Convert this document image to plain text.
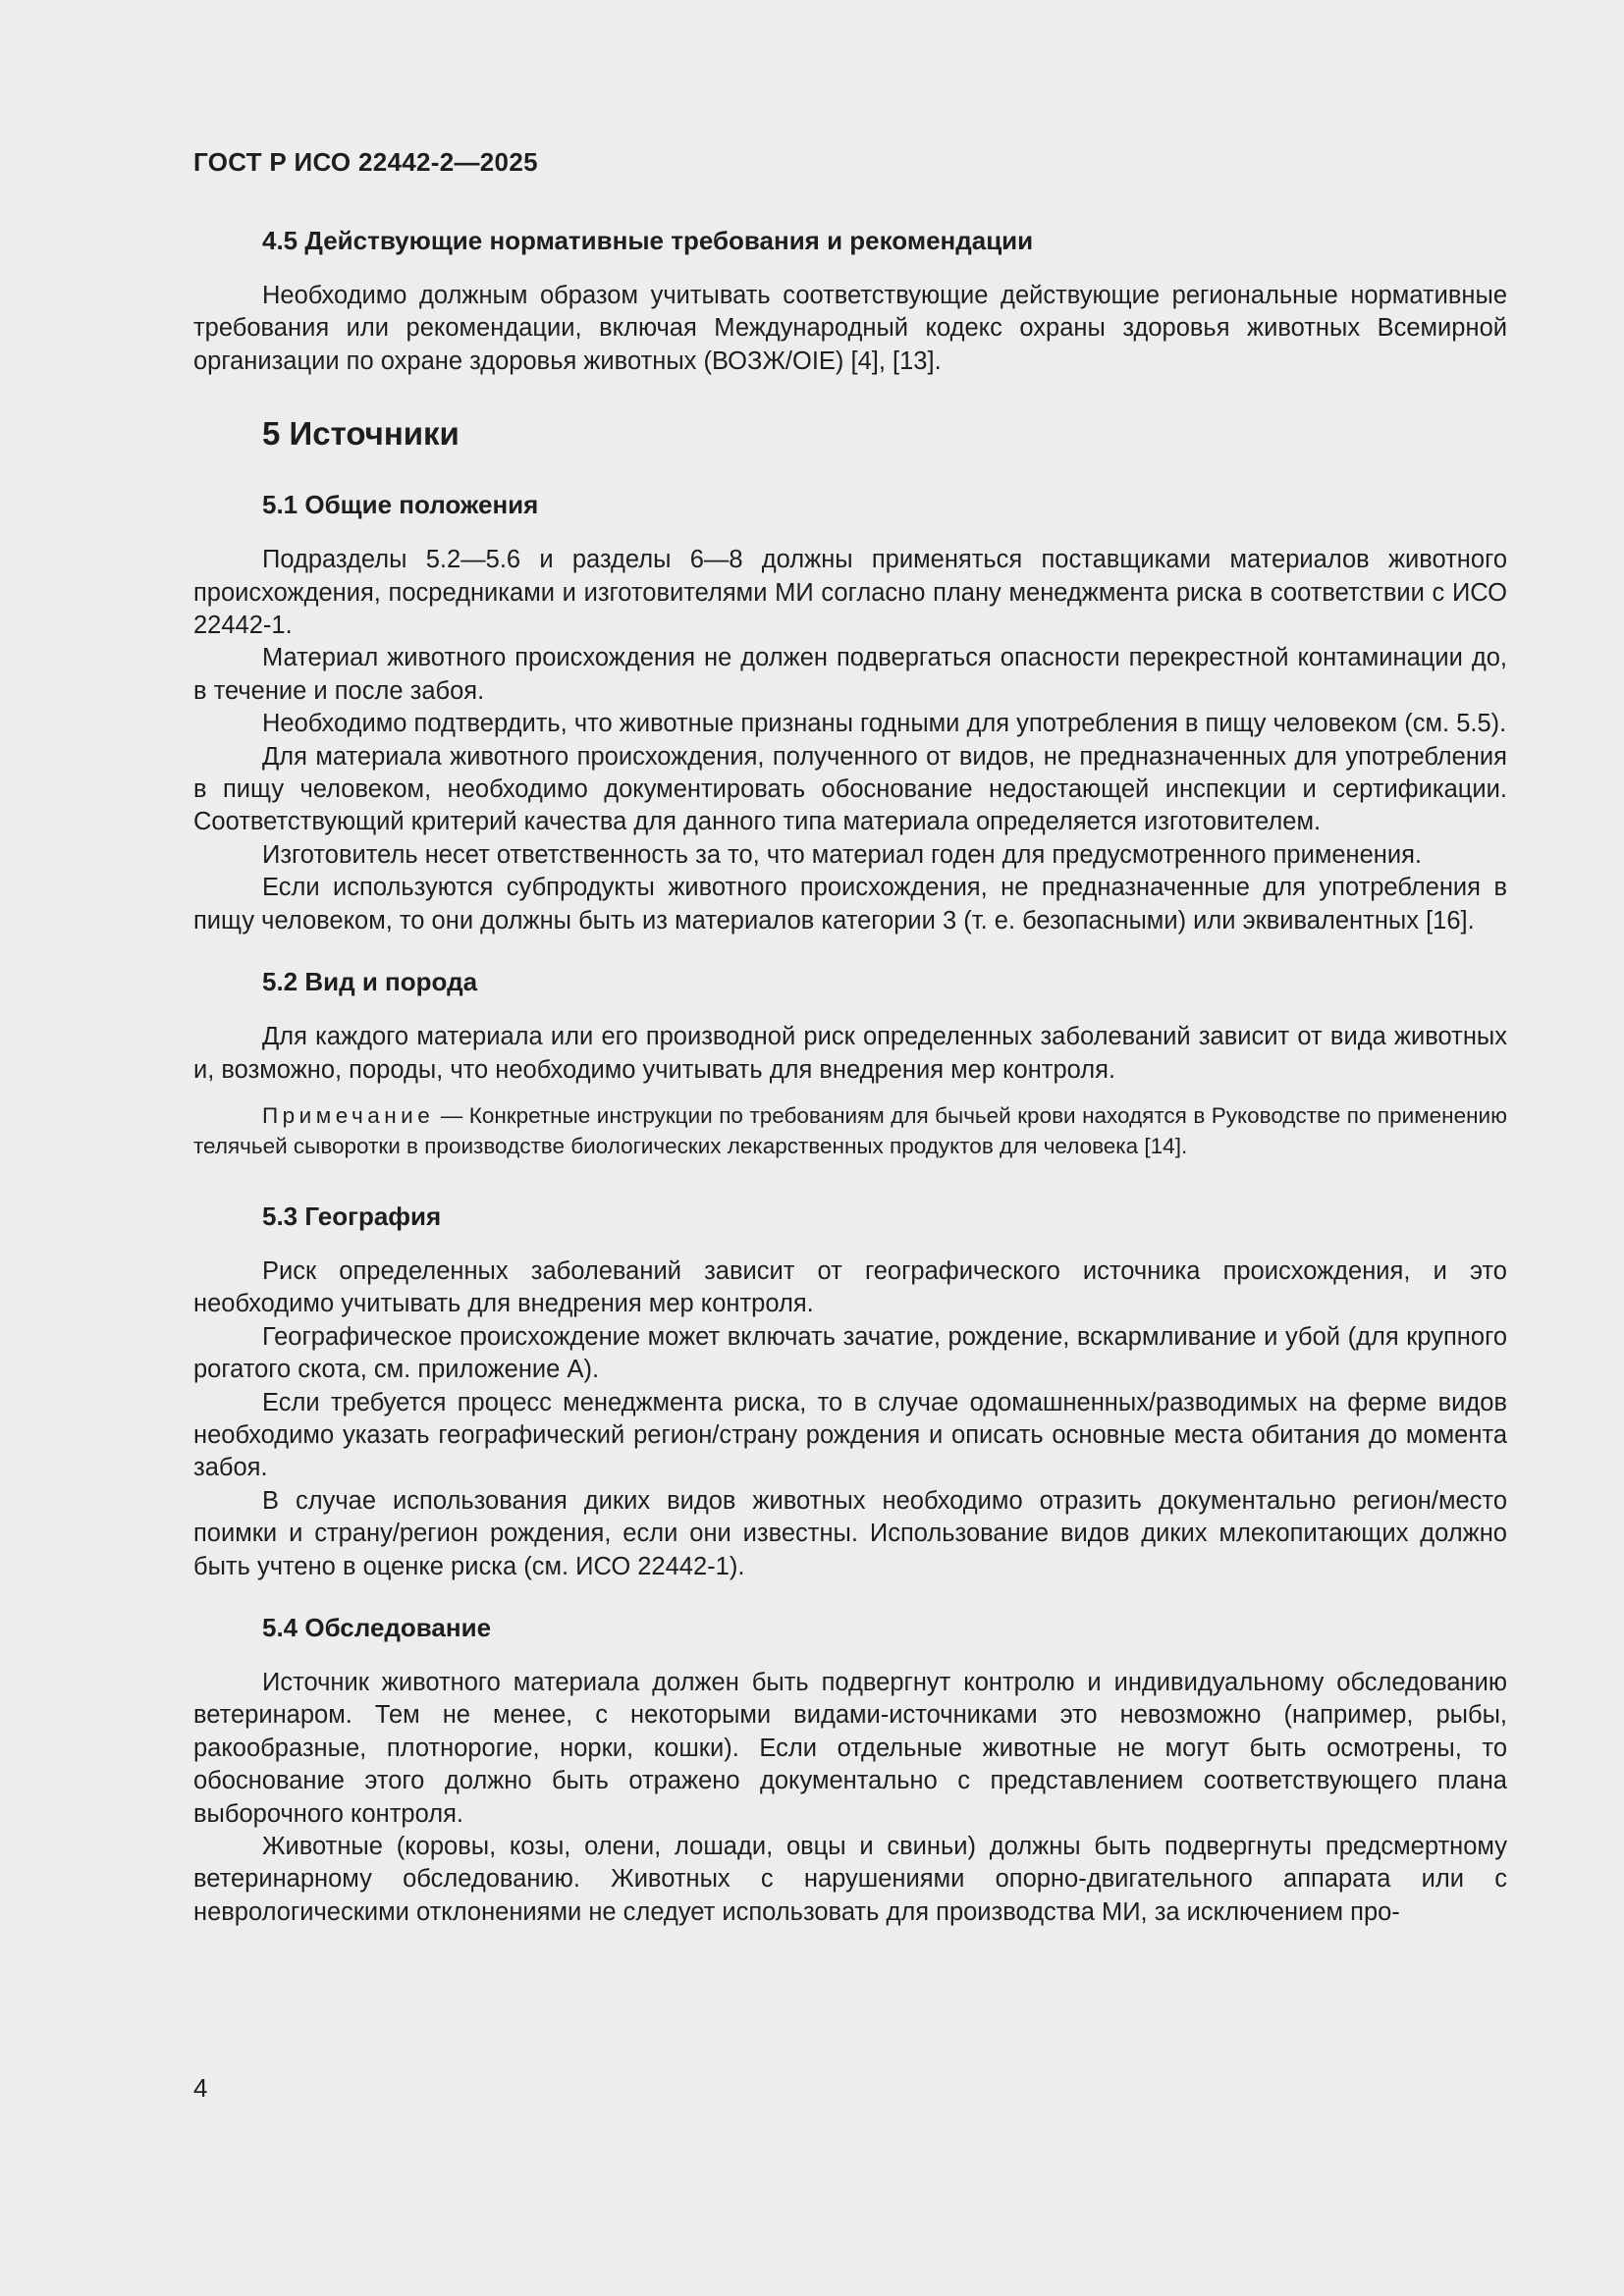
ГОСТ Р ИСО 22442-2—2025
4.5 Действующие нормативные требования и рекомендации

Необходимо должным образом учитывать соответствующие действующие региональные нормативные требования или рекомендации, включая Международный кодекс охраны здоровья животных Всемирной организации по охране здоровья животных (ВОЗЖ/OIE) [4], [13].

5 Источники
5.1 Общие положения

Подразделы 5.2—5.6 и разделы 6—8 должны применяться поставщиками материалов животного происхождения, посредниками и изготовителями МИ согласно плану менеджмента риска в соответствии с ИСО 22442-1.

Материал животного происхождения не должен подвергаться опасности перекрестной контаминации до, в течение и после забоя.

Необходимо подтвердить, что животные признаны годными для употребления в пищу человеком (см. 5.5).

Для материала животного происхождения, полученного от видов, не предназначенных для употребления в пищу человеком, необходимо документировать обоснование недостающей инспекции и сертификации. Соответствующий критерий качества для данного типа материала определяется изготовителем.

Изготовитель несет ответственность за то, что материал годен для предусмотренного применения.

Если используются субпродукты животного происхождения, не предназначенные для употребления в пищу человеком, то они должны быть из материалов категории 3 (т. е. безопасными) или эквивалентных [16].

5.2 Вид и порода

Для каждого материала или его производной риск определенных заболеваний зависит от вида животных и, возможно, породы, что необходимо учитывать для внедрения мер контроля.

Примечание — Конкретные инструкции по требованиям для бычьей крови находятся в Руководстве по применению телячьей сыворотки в производстве биологических лекарственных продуктов для человека [14].

5.3 География

Риск определенных заболеваний зависит от географического источника происхождения, и это необходимо учитывать для внедрения мер контроля.

Географическое происхождение может включать зачатие, рождение, вскармливание и убой (для крупного рогатого скота, см. приложение А).

Если требуется процесс менеджмента риска, то в случае одомашненных/разводимых на ферме видов необходимо указать географический регион/страну рождения и описать основные места обитания до момента забоя.

В случае использования диких видов животных необходимо отразить документально регион/место поимки и страну/регион рождения, если они известны. Использование видов диких млекопитающих должно быть учтено в оценке риска (см. ИСО 22442-1).

5.4 Обследование

Источник животного материала должен быть подвергнут контролю и индивидуальному обследованию ветеринаром. Тем не менее, с некоторыми видами-источниками это невозможно (например, рыбы, ракообразные, плотнорогие, норки, кошки). Если отдельные животные не могут быть осмотрены, то обоснование этого должно быть отражено документально с представлением соответствующего плана выборочного контроля.

Животные (коровы, козы, олени, лошади, овцы и свиньи) должны быть подвергнуты предсмертному ветеринарному обследованию. Животных с нарушениями опорно-двигательного аппарата или с неврологическими отклонениями не следует использовать для производства МИ, за исключением про-

4
